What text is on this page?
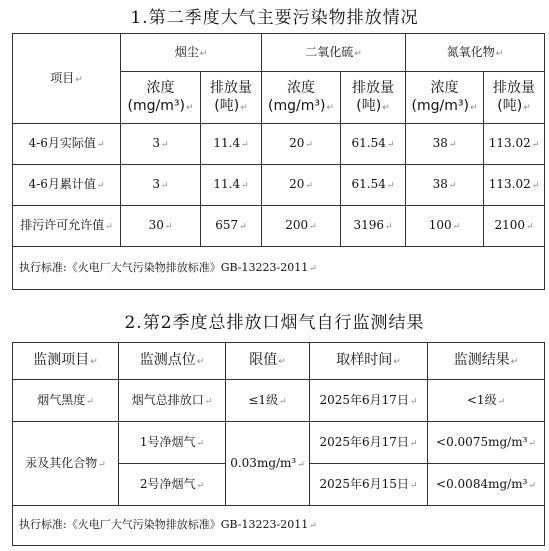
1.第二季度大气主要污染物排放情况
项目↵	烟尘↵		二氧化硫↵		氮氧化物↵	
	浓度
(mg/m³)↵	排放量
(吨)↵	浓度
(mg/m³)↵	排放量
(吨)↵	浓度
(mg/m³)↵	排放量
(吨)↵
4-6月实际值↵	3↵	11.4↵	20↵	61.54↵	38↵	113.02↵
4-6月累计值↵	3↵	11.4↵	20↵	61.54↵	38↵	113.02↵
排污许可允许值↵	30↵	657↵	200↵	3196↵	100↵	2100↵
执行标准:《火电厂大气污染物排放标准》GB-13223-2011↵						
2.第2季度总排放口烟气自行监测结果
监测项目↵	监测点位↵	限值↵	取样时间↵	监测结果↵
烟气黑度↵	烟气总排放口↵	≤1级↵	2025年6月17日↵	<1级↵
汞及其化合物↵	1号净烟气↵	0.03mg/m³↵	2025年6月17日↵	<0.0075mg/m³↵
	2号净烟气↵		2025年6月15日↵	<0.0084mg/m³↵
执行标准:《火电厂大气污染物排放标准》GB-13223-2011↵				
